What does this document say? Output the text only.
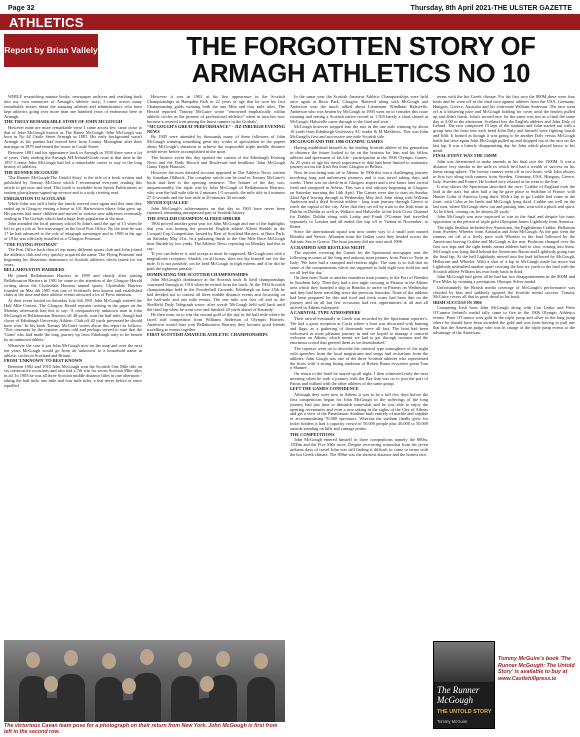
Page 32	Thursday, 8th April 2021-THE ULSTER GAZETTE
ATHLETICS
Report by Brian Vallely	THE FORGOTTEN STORY OF ARMAGH ATHLETICS NO 10

WHILE researching minute books, newspaper archives and reaching back into my own memories of Armagh's athletic story, I came across many remarkable stories about the amazing athletes and administrators who have kept athletics going over more than one hundred years of endeavour here in Armagh.

THE TRULY REMARKABLE STORY OF JOHN MCGOUGH

However none are more remarkable verse I came across few came close to that of John McGough known as The Ranee McGough. John McGough was born in No 44 Castle Street Armagh in 1881. His early background wasn't Armagh as his parents had moved here from County Monaghan after their marriage in 1879 and rented the house in Castle Street.

Between 1881 and his appearance back in Armagh in 1958 there were a lot of years. Only reading the Armagh AH Ireland/Guide issue at that time in the 1957 I sense John McGough had led a remarkable career to stay in the long history of athletics.

THE RUNNER MCGOUGH

'The Runner McGough-The Untold Story' is the title of a book written and published by Tommy McGuire which I recommend everyone reading this article to get now and read. This book is available from Sports Publications as eastern plan-gleams-signed-up-at-once and is a truly riveting read.

EMIGRATION TO SCOTLAND

While John was still a baby the family moved once again and this time they ended up in Glasgow renting a home at 101 Barrowston where John grew up. His parents had more children and moved to various new addresses eventually settling in The Gorbals which had a huge Irish population at the time.

John attended the local primary school St John's until the age of 13 when he left to get a job as 'lice messenger' at the local Post Office. By the time he was 17 he had advanced to the role of telegraph messenger and in 1900 at the age of 19 he was officially installed as a 'Glasgow Postman'.

"THE FLYING POSTMAN"

The Post Office back then of top many different sports club and John joined the athletics club and very quickly acquired the name 'The Flying Postman' and beginning his illustrious dominance of Scottish athletics which lasted for ten years.

BELLAHOUSTON HARRIERS

He joined Bellahouston Harriers in 1899 and shortly after joining Bellahouston Harriers in 1901 he came to the attention of the Glasgow Herald writing about the Clydesdale Harriers annual sports. Clydesdale Harriers founded on Mar 4th 1885 was one of Scotland's best known and established clubs at the time and their athletic events attracted a lot of Press attention.

At their event hosted on Saturday July 6th 1901 John McGough entered the Half Mile Contest. The Glasgow Herald reporter writing in the paper on the Monday afterwards had this to say: 'A comparatively unknown man in John McGough of Bellahouston Harriers off 48 yards, won the half mile, though had closer of Edinburgh University Athletic Club off 40 yards prevented he should have won.' In his book Tommy McGuire writes about this report as follows: 'This comment by the reporter seems odd and perhaps served to sure that the 'Grant' who had made the long journey up from Edinburgh only to be beaten by an unknown athlete.'

Whatever the case it put John McGough now on the map and over the next ten years McGough would go from an 'unknown' to a household name in athletic circles in Scotland and Britain.

FROM 'UNKNOWN' TO BEST KNOWN

Between 1902 and 1910 John McGough won the Scottish One Mile title on six consecutive occasions and also had a 7th win for seven Scottish Mile titles in all. In 1903 he was all three Scottish middle distance titles in one afternoon - taking the half mile, one mile and four mile titles, a feat never before or since equalled.

However it was in 1902 at his first appearance in the Scottish Championships at Hampden Park in 22 years of age that he won his first Championship golds winning both the one Mile and four mile titles. The Herald reported 'Tommy McGuire wrote "renowned emphatically within athletic circles as the pioneer of professional athletics" when in turn has now become a revered icon among the finest runners in the Gorbals'.

"MCGOUGH'S GREAT PERFORMANCE" - JIZ-INBURGH EVENING NEWS

By 1905 were attended by thousands many of them followers of John McGough winning something great day works of speculation in the papers about McGough's intention to achieve the impossible triple middle distance treble never before accomplished in the sport.

The historic event this day opened the curtain of the Edinburgh Evening News and the Daily Record and Boulevard had headlines 'John McGough Gains Triple Honours'.

However the most detailed account appeared in The Athletic News written by Jonathan Oldbuck. The complete article can be read in Tommy McGuire's book and here is the opening sentence: 'The feature of the day was, unquestionably, the triple win by John McGough of Bellahouston Harriers, who won the half mile title in 2 minutes 1-5 seconds, the mile title in 4 minutes 27 4-seconds and the four mile in 20 minutes 30 seconds'.

NEVER EQUALLED

John McGough's achievements on that day in 1903 have never been repeated, remaining unsurpassed part of Scottish history.

THE ENGLISH CHAMPION ALFRED SHRUBB

1904 proved another great year for John McGough and one of the highlights that year was beating the powerful English athlete Alfred Shrubb in the Cowpatl Cup Competition, hosted by Rest of Scotland Harriers, at Ibrox Park, on Saturday May 21st. In a pulsating finish to the One Mile Race McGough beat Shrubb by two yards. The Athletic News reporting on Monday had this to say:

'If you can believe it, and accept as must be supposed, McGough met with a magnificent reception. Shrubb, on all hours, does not lay himself out for the mile. It is not possible, cos he held McGough in high esteem and if he did he paid the righteous penalty.'

DOMINATING THE SCOTTISH CHAMPIONSHIPS

John McGough's dominance at the Scottish track & field championships continued through to 1910 when he retired from the track. At the 1904 Scottish championships held in the Powderhall Grounds, Edinburgh on June 25th he had decided not to contest all three middle distance events and focussing on the half-mile and one mile events. The one mile was first off and as the Sheffield Daily Telegraph wrote: after words 'McGough held well back until the third lap when he went over and finished 20 yards ahead of Kennedy'.

He then went on to win the second gold of the day in the half mile where he faced stiff competition from Williams Anderson of Olympic Harriers. Anderson would later join Bellahouston Harriers they became good friends travelling to events together.

FIRST SCOTTISH AMATEUR ATHLETIC CHAMPIONSHIPS

In the same year the Scottish Amateur Athletic Championships were held once again at Ibrox Park, Glasgow. Battered along with McGough and Anderson won the much talked about Lieutenant Windham Halswelle. Anderson who was beaten by McGough in 1905 went on to consider this issue winning and setting a Scottish native record of 1.565 barely a short shared at McGough; Halswelle came through to the final and won.

McGough however stepped into the mix in the one mile winning by about 10 yards from Edinburgh University AC reader & M Matthews. This was John McGough's first and successive one mile Scottish title.

MCGOUGH AND THE 1906 OLYMPIC GAMES

Having established himself as the leading Scottish athlete of his generation in distance the future looked to be on the horizon for him and his fellow athletes and sportsmen of his life - participation in the 1906 Olympic Games. At 25 years of age his travel experience to date had been limited to stationary journey across the Irish Sea from Glasgow to Belfast.

Now he was being sent off to Athens. In 1906 this was a challenging journey involving long and unforeseen journeys and it was travel taking days and weeks. There was no check-in at Glasgow airport and a few hours later arrival fresh and energised in Athens. This was a real odyssey beginning in Glasgow on Saturday morning the 14th April. The Games were due to start on Sunday 22nd April leaving through to Wednesday May 2nd. John along with William Anderson and a third Scottish athlete - long train journey through Greece to reach the capital of the city. After that they set off by train to the Irish team in Dublin in Dublin as well as Wallace and Halswelle at the Irish Cross Channel for Dublin. Dublin along with Leahy and Frank O'Connor had travelled separately to London and all ended this trip off to Vienna in November; to Rome.

Since the international squad was now under way to a small port named Brindisi and Venice, Albanian from the Italian coast they headed across the Adriatic Sea to Greece. The boat journey did not start until 1906.

A CRAMPED AND RESTLESS NIGHT

The reporter covering the Games for the Sportsman newspaper sent the following account of the long and arduous train journey from Paris to Turin in Italy: 'We have had a cramped and restless night. The train is so full that no sense of the compartments which are supposed to hold eight now hold ten and we all feel the day.'

On then from Turin to another marathon train journey to the Port of Brindisi in Southern Italy. Then they had a two night crossing to Piraeus in the Athens area which they boarded a ship at Brindisi to arrive in Piraeus on Wednesday and they had been travelling since the previous Saturday. None of the athletes had been prepared for this and food and fresh water had been thin on the journey and on all but few occasions had rest opportunities at all and all arrived in Athens exhausted.

A CARNIVAL TYPE ATMOSPHERE

Their arrival eventually in Greek was recorded by the Sportsman reporter's: 'We had a great reception at Corfu where a boat was decorated with bunting and flags, as a gathering of thousands were all fast. The boat had been welcomed as most pleasant journey in and we hoped to manage a carnival welcome on Athens, which meant we had to get through customs and the enormous crowd that greeted them as we disembarked.'

The reporter went on to describe the carnival type atmosphere of the night with speeches from the local magistrates and songs and recitations from the athletes. John Gough was one of the three Scottish athletes who represented the Scots with 'a strong fitting rendition of Robert Burns evocative poem Tam o Shanter'.

On return to the hotel he stayed up all night. I then witnessed early the next morning when he took a journey with the Bay that was on to join the port of Patras and walked with the other athletes of the same group.

LEFT THE GAMES CONFIDENCE

Although they were now in Athens it was to be a full five days before the first competitions began for John McGough so the sufferings of the long journey had just time to diminish somewhat and he was able to enjoy the opening ceremonies and even a tour taking in the sights of the City of Athens and get a view of the Panathenaic Stadium built entirely of marble and capable of accommodating 70,000 spectators. Whereas the stadium finally grew for ticket holders it had a capacity crowd of 50,000 people plus 40,000 to 50,000 outside standing on hills and vantage points.

THE COMPETITIONS

John McGough entered himself in three competitions namely the 800m, 1500m and the Five Mile races. Despite recovering somewhat from his seven arduous days of travel John was still finding it difficult to come to terms with the hot Greek climate. The 800m was the shortest distance and the hottest race.

terms with the hot Greek climate. For his first race the 800M there were four heats and he went off in the final race against athletes from the USA, Germany, Hungary, Greece, Australia and his club-mate William Anderson. The race went off at a blistering pace and McGough holding for cover until the leaders pulled up and didn't finish. John's second race for the same was run as a final the same day at 3:00 in the afternoon. Scotland lost the English athletes and John Daly of Ireland. The race comprised 19 laps of the stadium and John started out with a group near the front into each bend John Daly and himself were fighting fourth and fifth. It looked as though it was going to be another Daly versus McGough battle but once again John McGough pulled up and dropped out of the race on the last lap. It was a bitterly disappointing day for John which played havoc to his mind.

FINAL EVENT WAS THE 1500M

John was determined to make amends in his final race the 1500M. It was a distance very similar to the mile in which he'd had a wealth of success on his home rating sphere. The twenty runners went off in two heats, with John always in first two along with runners from Sweden, Germany, USA, Hungary, Greece, Italy, Sweden and France. He looked very relaxed as he went to the line.

It now shows the Sportsman described the race: 'Crabbe of England took the lead at the start, but after half a lap he gave place to Sealdine of France, with Hunter Cohn of America lying third. With a lap to go Crabbe had come to the front, with Cohn at his heels and McGough lying third. Crabbe ran well on the last turn, where McGough drew out and passing him, won with a pluck and spirit. As he lifted, coming on, he almost 20 yards.'

John McGough was now expected to win in the final and despite his tunic opposition in the person of triple gold Olympian James Lightbody from America.

The eight finalists included five Americans, the Englishman Crabbe, Hellstrom from Sweden, Wheeler from Australia and John McGough. As the gun went the runners set off at a lively pace with Wheeler in the lead followed by the Americans leaving Crabbe and McGough at the rear. Positions changed over the first two laps and the tight bends meant athletes had to slow coming into them. McGough was lying third behind the Americans Bacon and Lightbody going into the final lap. At the bell Lightbody moved into the lead followed by McGough, Hellstrom and Wheeler. With a shot of a lap to McGough made his move but Lightbody unleashed another spurt crossing the line six yards to the lead with the Scottish athlete William his own body back in third.

John McGough had given all he had but two disappointments in the 800M and Five Miles by winning a prestigious Olympic Silver medal.

Unfortunately the British media coverage of McGough's performance was clouded by bias and suddenly ignored the Scottish medal success. Tommy McGuire covers all that in great detail in his book.

IRISH SUCCESS IN 1906

Competing Irish born John McGough along with Con Leahy and Peter O'Connor Ireland's medal tally came to five in the 1906 Olympic Athletics events. Peter O'Connor won gold in the triple jump and silver in the long jump where he should have been awarded the gold and was from having to pull one that that the American judge who was in charge of the triple jump events to the advantage of the American.

The victorious Cavan team pose for a photograph on their return from New York. John McGough is first from left in the second row.
The Runner McGough
THE UNTOLD STORY
Tommy McGuire
Tommy McGuire's book 'The Runner McGough: The Untold Story' is available to buy at www.Castlehillpress.ie
